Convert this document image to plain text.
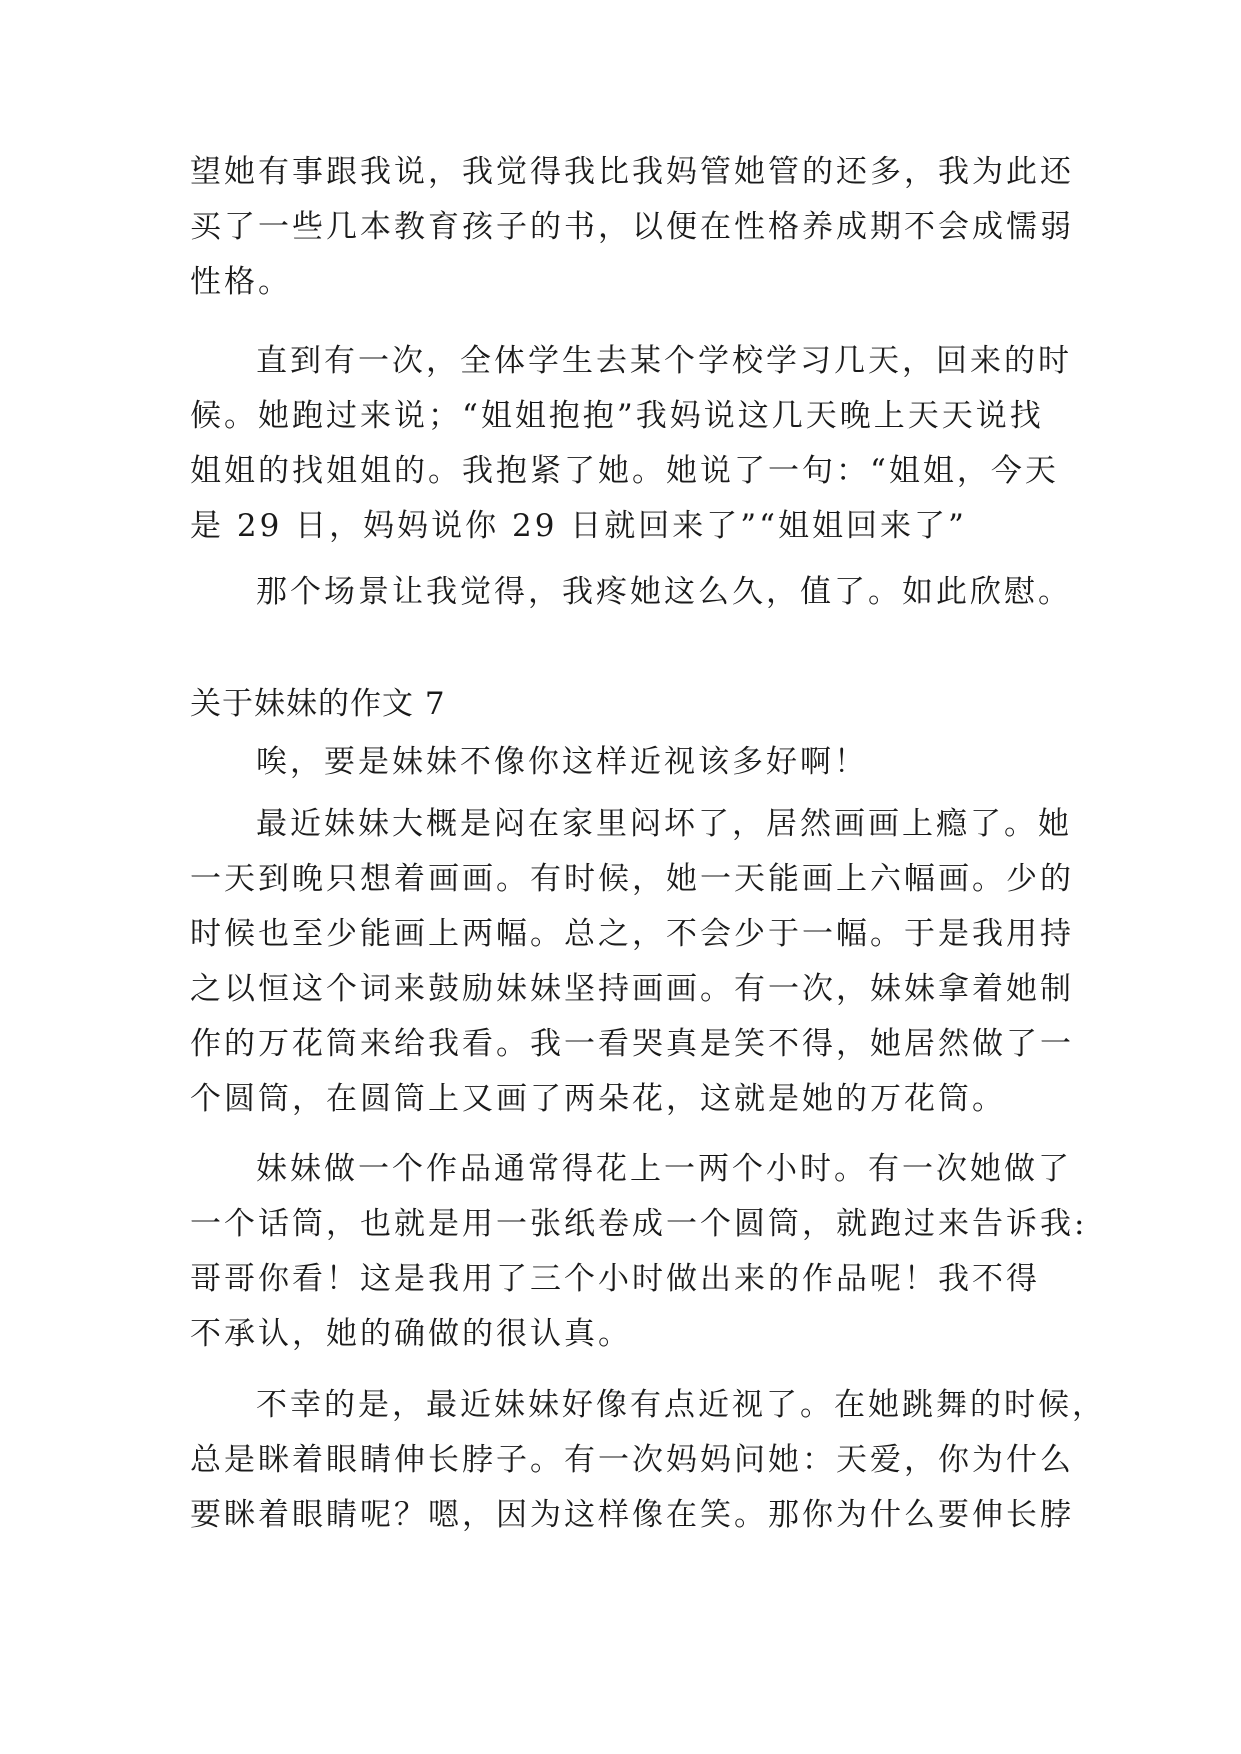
望她有事跟我说，我觉得我比我妈管她管的还多，我为此还
买了一些几本教育孩子的书，以便在性格养成期不会成懦弱
性格。
直到有一次，全体学生去某个学校学习几天，回来的时
候。她跑过来说；“姐姐抱抱”我妈说这几天晚上天天说找
姐姐的找姐姐的。我抱紧了她。她说了一句：“姐姐，今天
是 29 日，妈妈说你 29 日就回来了”“姐姐回来了”
那个场景让我觉得，我疼她这么久，值了。如此欣慰。
关于妹妹的作文 7
唉，要是妹妹不像你这样近视该多好啊！
最近妹妹大概是闷在家里闷坏了，居然画画上瘾了。她
一天到晚只想着画画。有时候，她一天能画上六幅画。少的
时候也至少能画上两幅。总之，不会少于一幅。于是我用持
之以恒这个词来鼓励妹妹坚持画画。有一次，妹妹拿着她制
作的万花筒来给我看。我一看哭真是笑不得，她居然做了一
个圆筒，在圆筒上又画了两朵花，这就是她的万花筒。
妹妹做一个作品通常得花上一两个小时。有一次她做了
一个话筒，也就是用一张纸卷成一个圆筒，就跑过来告诉我:
哥哥你看！这是我用了三个小时做出来的作品呢！我不得
不承认，她的确做的很认真。
不幸的是，最近妹妹好像有点近视了。在她跳舞的时候，
总是眯着眼睛伸长脖子。有一次妈妈问她：天爱，你为什么
要眯着眼睛呢？嗯，因为这样像在笑。那你为什么要伸长脖
